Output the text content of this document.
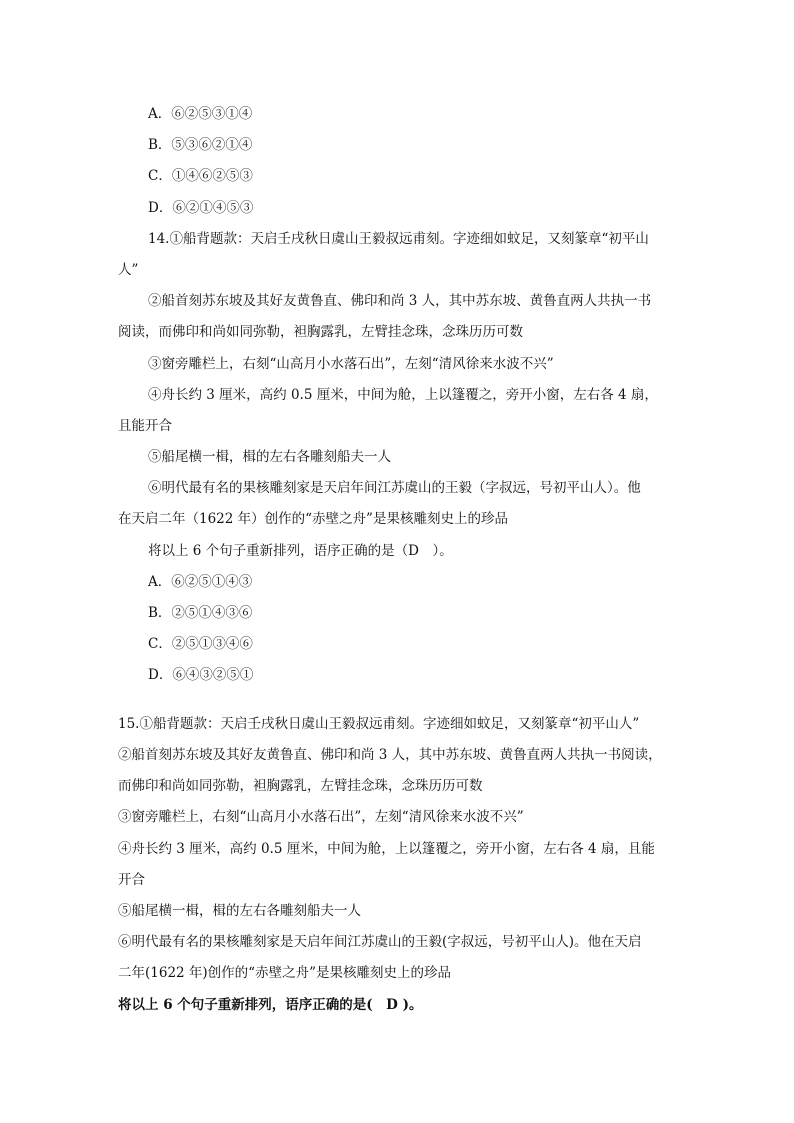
A．⑥②⑤③①④
B．⑤③⑥②①④
C．①④⑥②⑤③
D．⑥②①④⑤③
14.①船背题款：天启壬戌秋日虞山王毅叔远甫刻。字迹细如蚊足，又刻篆章“初平山
人”
②船首刻苏东坡及其好友黄鲁直、佛印和尚 3 人，其中苏东坡、黄鲁直两人共执一书
阅读，而佛印和尚如同弥勒，袒胸露乳，左臂挂念珠，念珠历历可数
③窗旁雕栏上，右刻“山高月小水落石出”，左刻“清风徐来水波不兴”
④舟长约 3 厘米，高约 0.5 厘米，中间为舱，上以篷覆之，旁开小窗，左右各 4 扇，
且能开合
⑤船尾横一楫，楫的左右各雕刻船夫一人
⑥明代最有名的果核雕刻家是天启年间江苏虞山的王毅（字叔远，号初平山人）。他
在天启二年（1622 年）创作的“赤壁之舟”是果核雕刻史上的珍品
将以上 6 个句子重新排列，语序正确的是（D　）。
A．⑥②⑤①④③
B．②⑤①④③⑥
C．②⑤①③④⑥
D．⑥④③②⑤①
15.①船背题款：天启壬戌秋日虞山王毅叔远甫刻。字迹细如蚊足，又刻篆章“初平山人”
②船首刻苏东坡及其好友黄鲁直、佛印和尚 3 人，其中苏东坡、黄鲁直两人共执一书阅读，
而佛印和尚如同弥勒，袒胸露乳，左臂挂念珠，念珠历历可数
③窗旁雕栏上，右刻“山高月小水落石出”，左刻“清风徐来水波不兴”
④舟长约 3 厘米，高约 0.5 厘米，中间为舱，上以篷覆之，旁开小窗，左右各 4 扇，且能
开合
⑤船尾横一楫，楫的左右各雕刻船夫一人
⑥明代最有名的果核雕刻家是天启年间江苏虞山的王毅(字叔远，号初平山人)。他在天启
二年(1622 年)创作的“赤壁之舟”是果核雕刻史上的珍品
将以上 6 个句子重新排列，语序正确的是(　D )。
